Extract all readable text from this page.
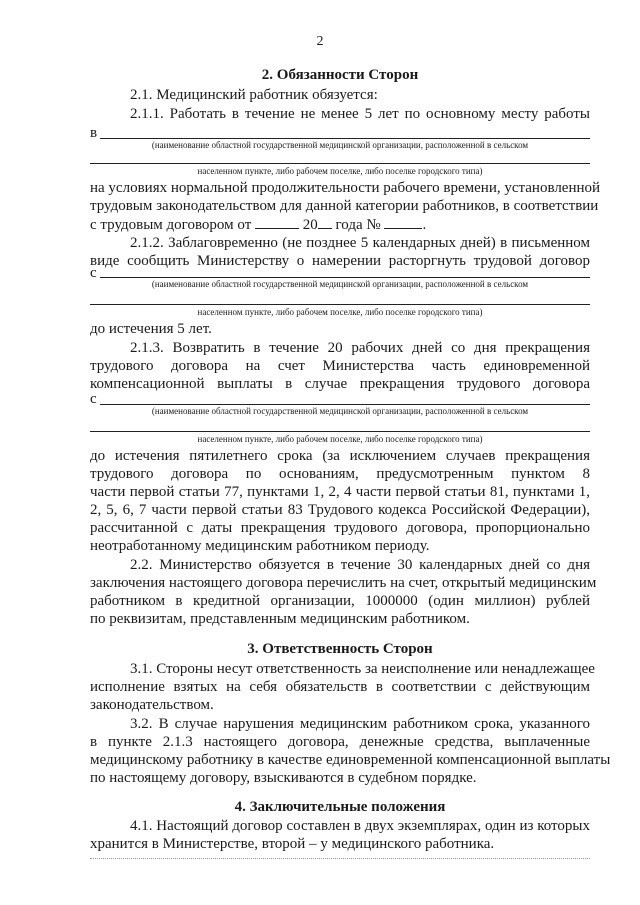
2
2. Обязанности Сторон
2.1. Медицинский работник обязуется:
2.1.1. Работать в течение не менее 5 лет по основному месту работы
в
(наименование областной государственной медицинской организации, расположенной в сельском
населенном пункте, либо рабочем поселке, либо поселке городского типа)
на условиях нормальной продолжительности рабочего времени, установленной
трудовым законодательством для данной категории работников, в соответствии
с трудовым договором от	20 года №	.
2.1.2. Заблаговременно (не позднее 5 календарных дней) в письменном
виде сообщить Министерству о намерении расторгнуть трудовой договор
с
(наименование областной государственной медицинской организации, расположенной в сельском
населенном пункте, либо рабочем поселке, либо поселке городского типа)
до истечения 5 лет.
2.1.3. Возвратить в течение 20 рабочих дней со дня прекращения
трудового договора на счет Министерства часть единовременной
компенсационной выплаты в случае прекращения трудового договора
с
(наименование областной государственной медицинской организации, расположенной в сельском
населенном пункте, либо рабочем поселке, либо поселке городского типа)
до истечения пятилетнего срока (за исключением случаев прекращения
трудового договора по основаниям, предусмотренным пунктом 8
части первой статьи 77, пунктами 1, 2, 4 части первой статьи 81, пунктами 1,
2, 5, 6, 7 части первой статьи 83 Трудового кодекса Российской Федерации),
рассчитанной с даты прекращения трудового договора, пропорционально
неотработанному медицинским работником периоду.
2.2. Министерство обязуется в течение 30 календарных дней со дня
заключения настоящего договора перечислить на счет, открытый медицинским
работником в кредитной организации, 1000000 (один миллион) рублей
по реквизитам, представленным медицинским работником.
3. Ответственность Сторон
3.1. Стороны несут ответственность за неисполнение или ненадлежащее
исполнение взятых на себя обязательств в соответствии с действующим
законодательством.
3.2. В случае нарушения медицинским работником срока, указанного
в пункте 2.1.3 настоящего договора, денежные средства, выплаченные
медицинскому работнику в качестве единовременной компенсационной выплаты
по настоящему договору, взыскиваются в судебном порядке.
4. Заключительные положения
4.1. Настоящий договор составлен в двух экземплярах, один из которых
хранится в Министерстве, второй – у медицинского работника.
